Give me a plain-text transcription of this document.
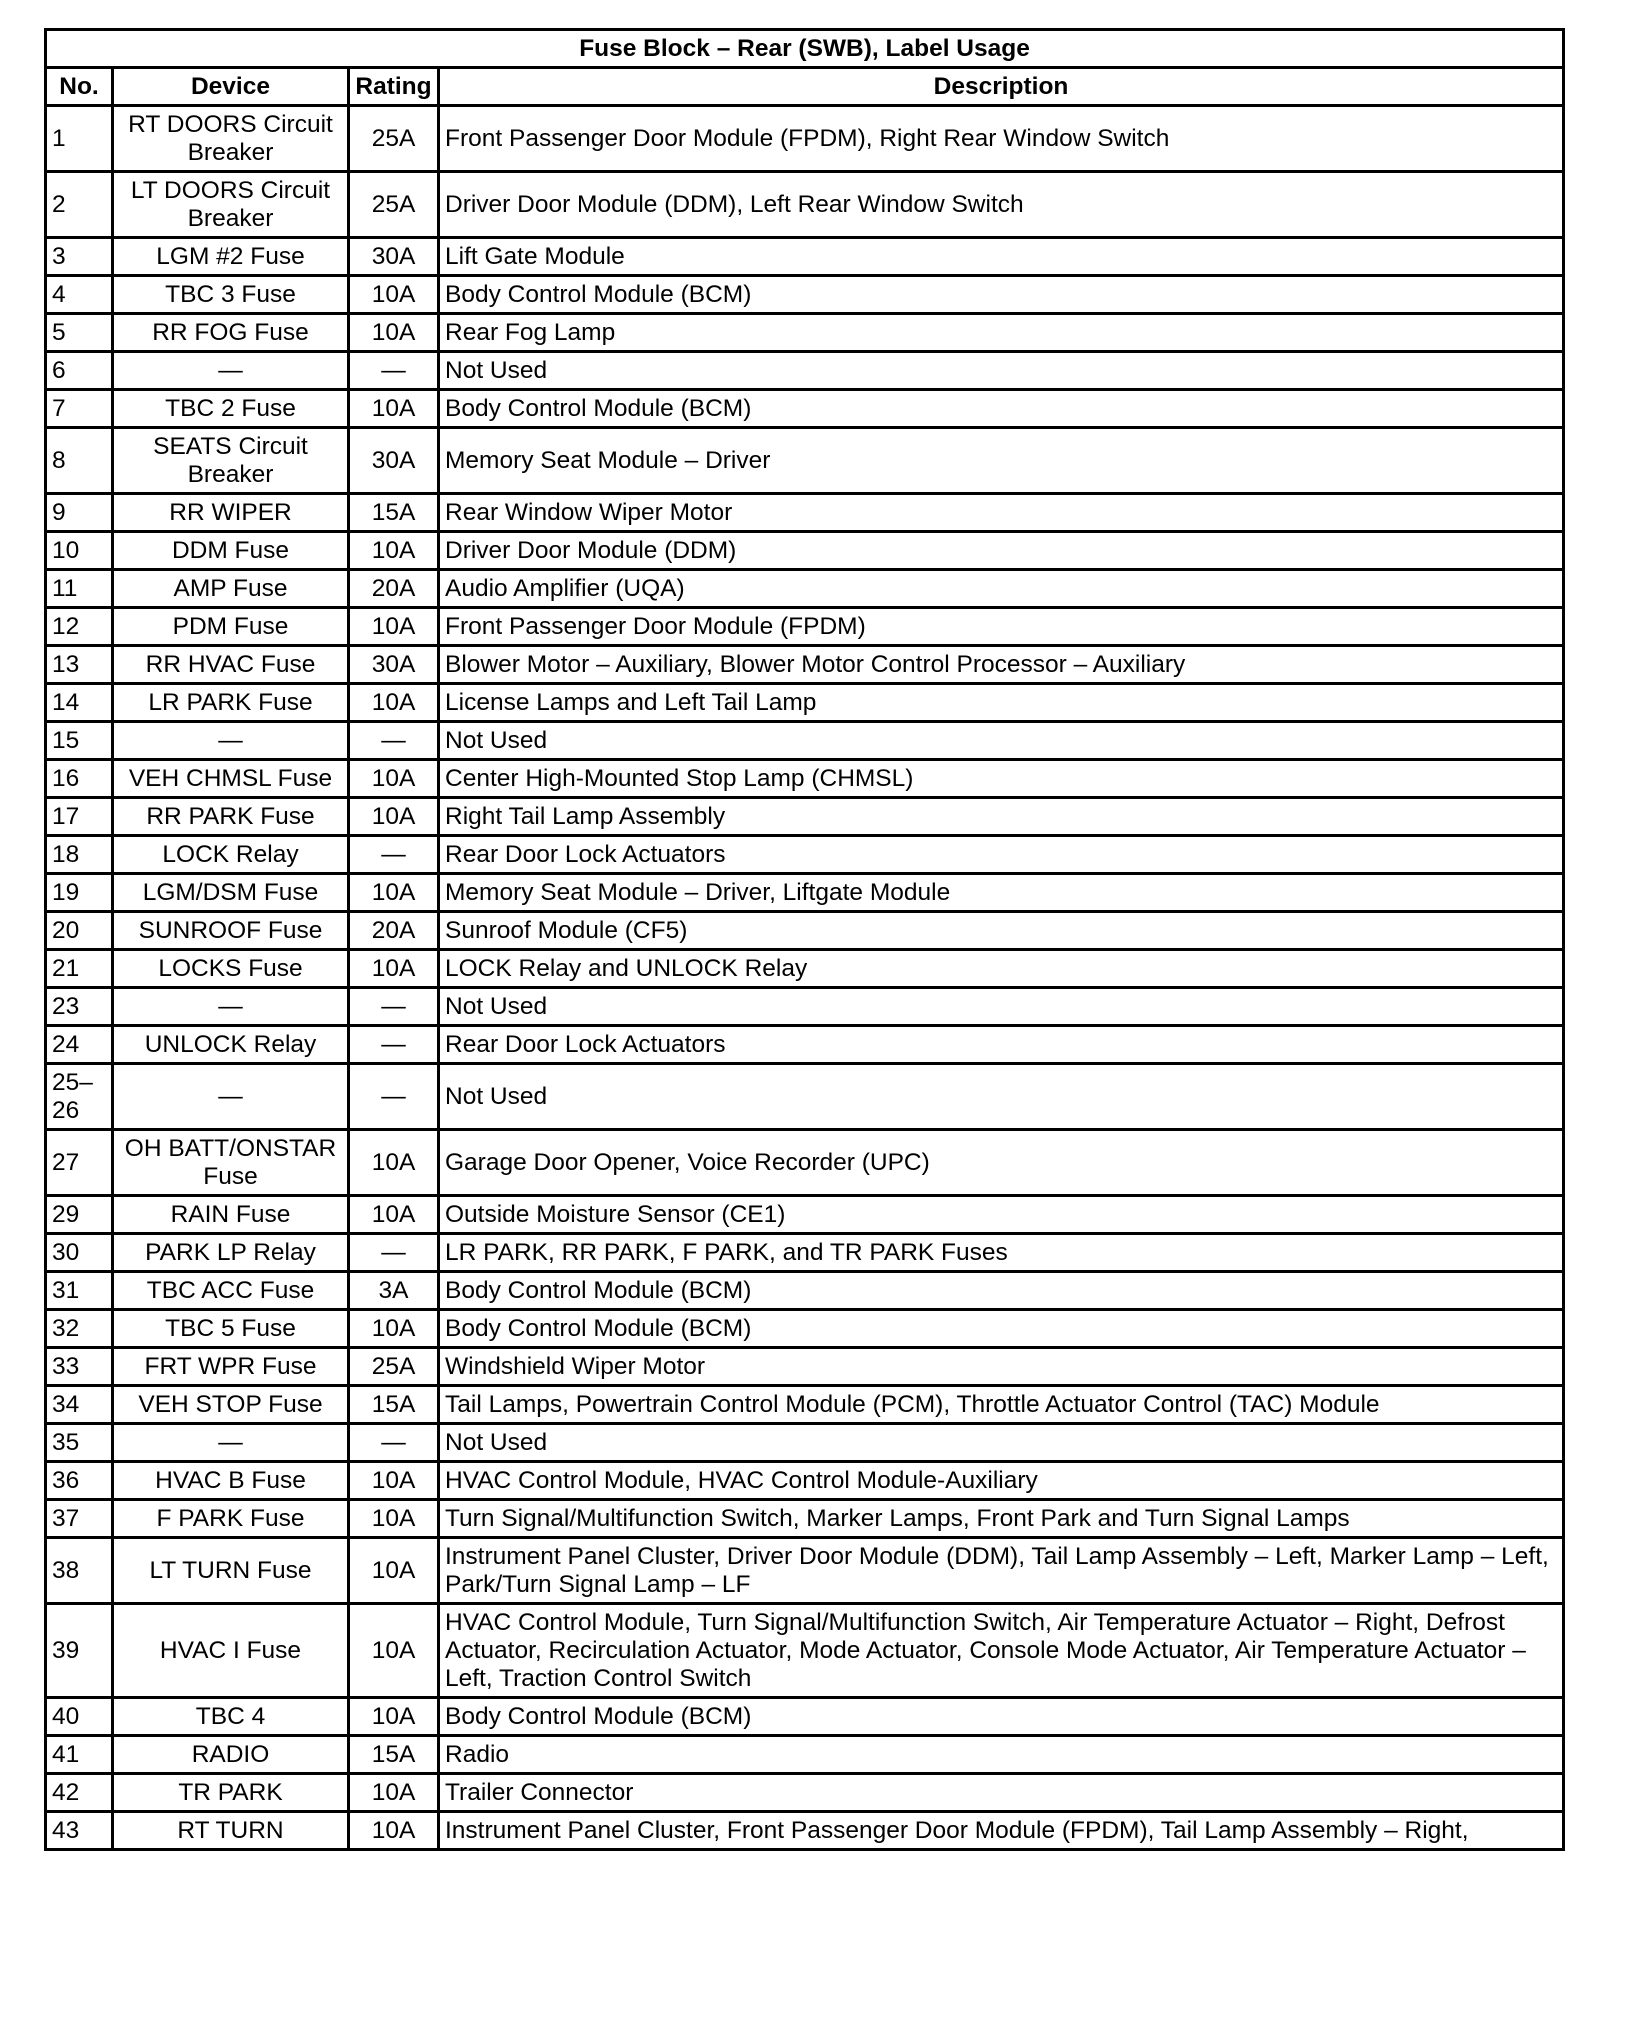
Fuse Block – Rear (SWB), Label Usage			
No.	Device	Rating	Description
1	RT DOORS Circuit Breaker	25A	Front Passenger Door Module (FPDM), Right Rear Window Switch
2	LT DOORS Circuit Breaker	25A	Driver Door Module (DDM), Left Rear Window Switch
3	LGM #2 Fuse	30A	Lift Gate Module
4	TBC 3 Fuse	10A	Body Control Module (BCM)
5	RR FOG Fuse	10A	Rear Fog Lamp
6	—	—	Not Used
7	TBC 2 Fuse	10A	Body Control Module (BCM)
8	SEATS Circuit Breaker	30A	Memory Seat Module – Driver
9	RR WIPER	15A	Rear Window Wiper Motor
10	DDM Fuse	10A	Driver Door Module (DDM)
11	AMP Fuse	20A	Audio Amplifier (UQA)
12	PDM Fuse	10A	Front Passenger Door Module (FPDM)
13	RR HVAC Fuse	30A	Blower Motor – Auxiliary, Blower Motor Control Processor – Auxiliary
14	LR PARK Fuse	10A	License Lamps and Left Tail Lamp
15	—	—	Not Used
16	VEH CHMSL Fuse	10A	Center High-Mounted Stop Lamp (CHMSL)
17	RR PARK Fuse	10A	Right Tail Lamp Assembly
18	LOCK Relay	—	Rear Door Lock Actuators
19	LGM/DSM Fuse	10A	Memory Seat Module – Driver, Liftgate Module
20	SUNROOF Fuse	20A	Sunroof Module (CF5)
21	LOCKS Fuse	10A	LOCK Relay and UNLOCK Relay
23	—	—	Not Used
24	UNLOCK Relay	—	Rear Door Lock Actuators
25–26	—	—	Not Used
27	OH BATT/ONSTAR Fuse	10A	Garage Door Opener, Voice Recorder (UPC)
29	RAIN Fuse	10A	Outside Moisture Sensor (CE1)
30	PARK LP Relay	—	LR PARK, RR PARK, F PARK, and TR PARK Fuses
31	TBC ACC Fuse	3A	Body Control Module (BCM)
32	TBC 5 Fuse	10A	Body Control Module (BCM)
33	FRT WPR Fuse	25A	Windshield Wiper Motor
34	VEH STOP Fuse	15A	Tail Lamps, Powertrain Control Module (PCM), Throttle Actuator Control (TAC) Module
35	—	—	Not Used
36	HVAC B Fuse	10A	HVAC Control Module, HVAC Control Module-Auxiliary
37	F PARK Fuse	10A	Turn Signal/Multifunction Switch, Marker Lamps, Front Park and Turn Signal Lamps
38	LT TURN Fuse	10A	Instrument Panel Cluster, Driver Door Module (DDM), Tail Lamp Assembly – Left, Marker Lamp – Left, Park/Turn Signal Lamp – LF
39	HVAC I Fuse	10A	HVAC Control Module, Turn Signal/Multifunction Switch, Air Temperature Actuator – Right, Defrost Actuator, Recirculation Actuator, Mode Actuator, Console Mode Actuator, Air Temperature Actuator – Left, Traction Control Switch
40	TBC 4	10A	Body Control Module (BCM)
41	RADIO	15A	Radio
42	TR PARK	10A	Trailer Connector
43	RT TURN	10A	Instrument Panel Cluster, Front Passenger Door Module (FPDM), Tail Lamp Assembly – Right,
